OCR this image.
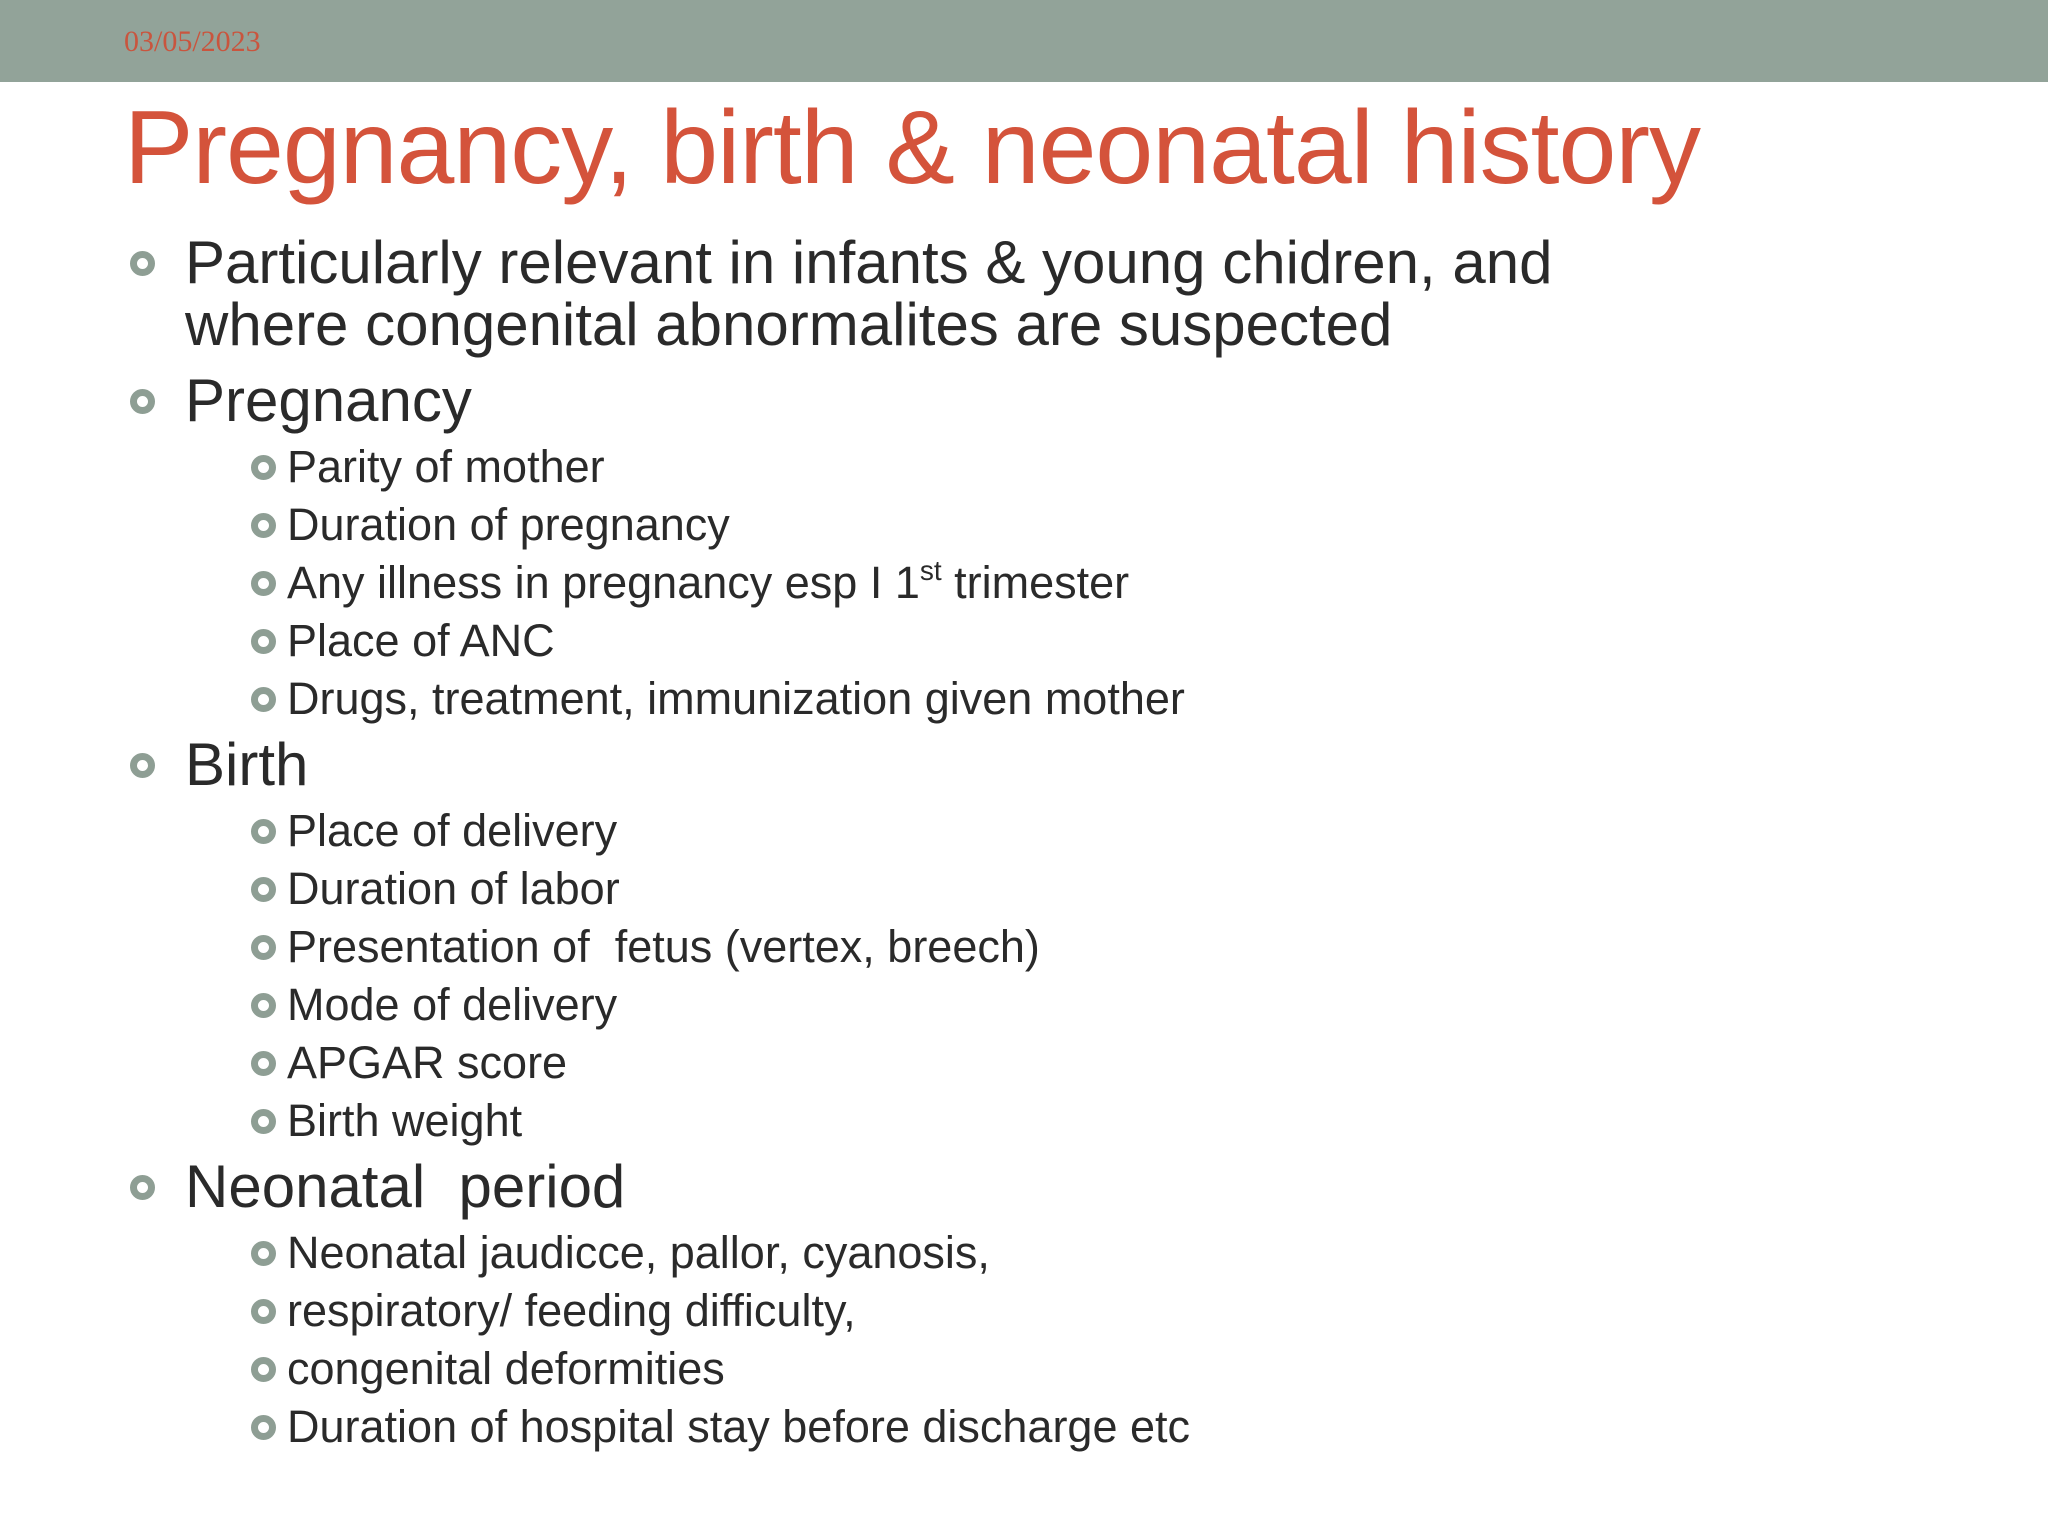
03/05/2023
Pregnancy, birth & neonatal history
Particularly relevant in infants & young chidren, and where congenital abnormalites are suspected
Pregnancy
Parity of mother
Duration of pregnancy
Any illness in pregnancy esp I 1st trimester
Place of ANC
Drugs, treatment, immunization given mother
Birth
Place of delivery
Duration of labor
Presentation of  fetus (vertex, breech)
Mode of delivery
APGAR score
Birth weight
Neonatal  period
Neonatal jaudicce, pallor, cyanosis,
respiratory/ feeding difficulty,
congenital deformities
Duration of hospital stay before discharge etc
